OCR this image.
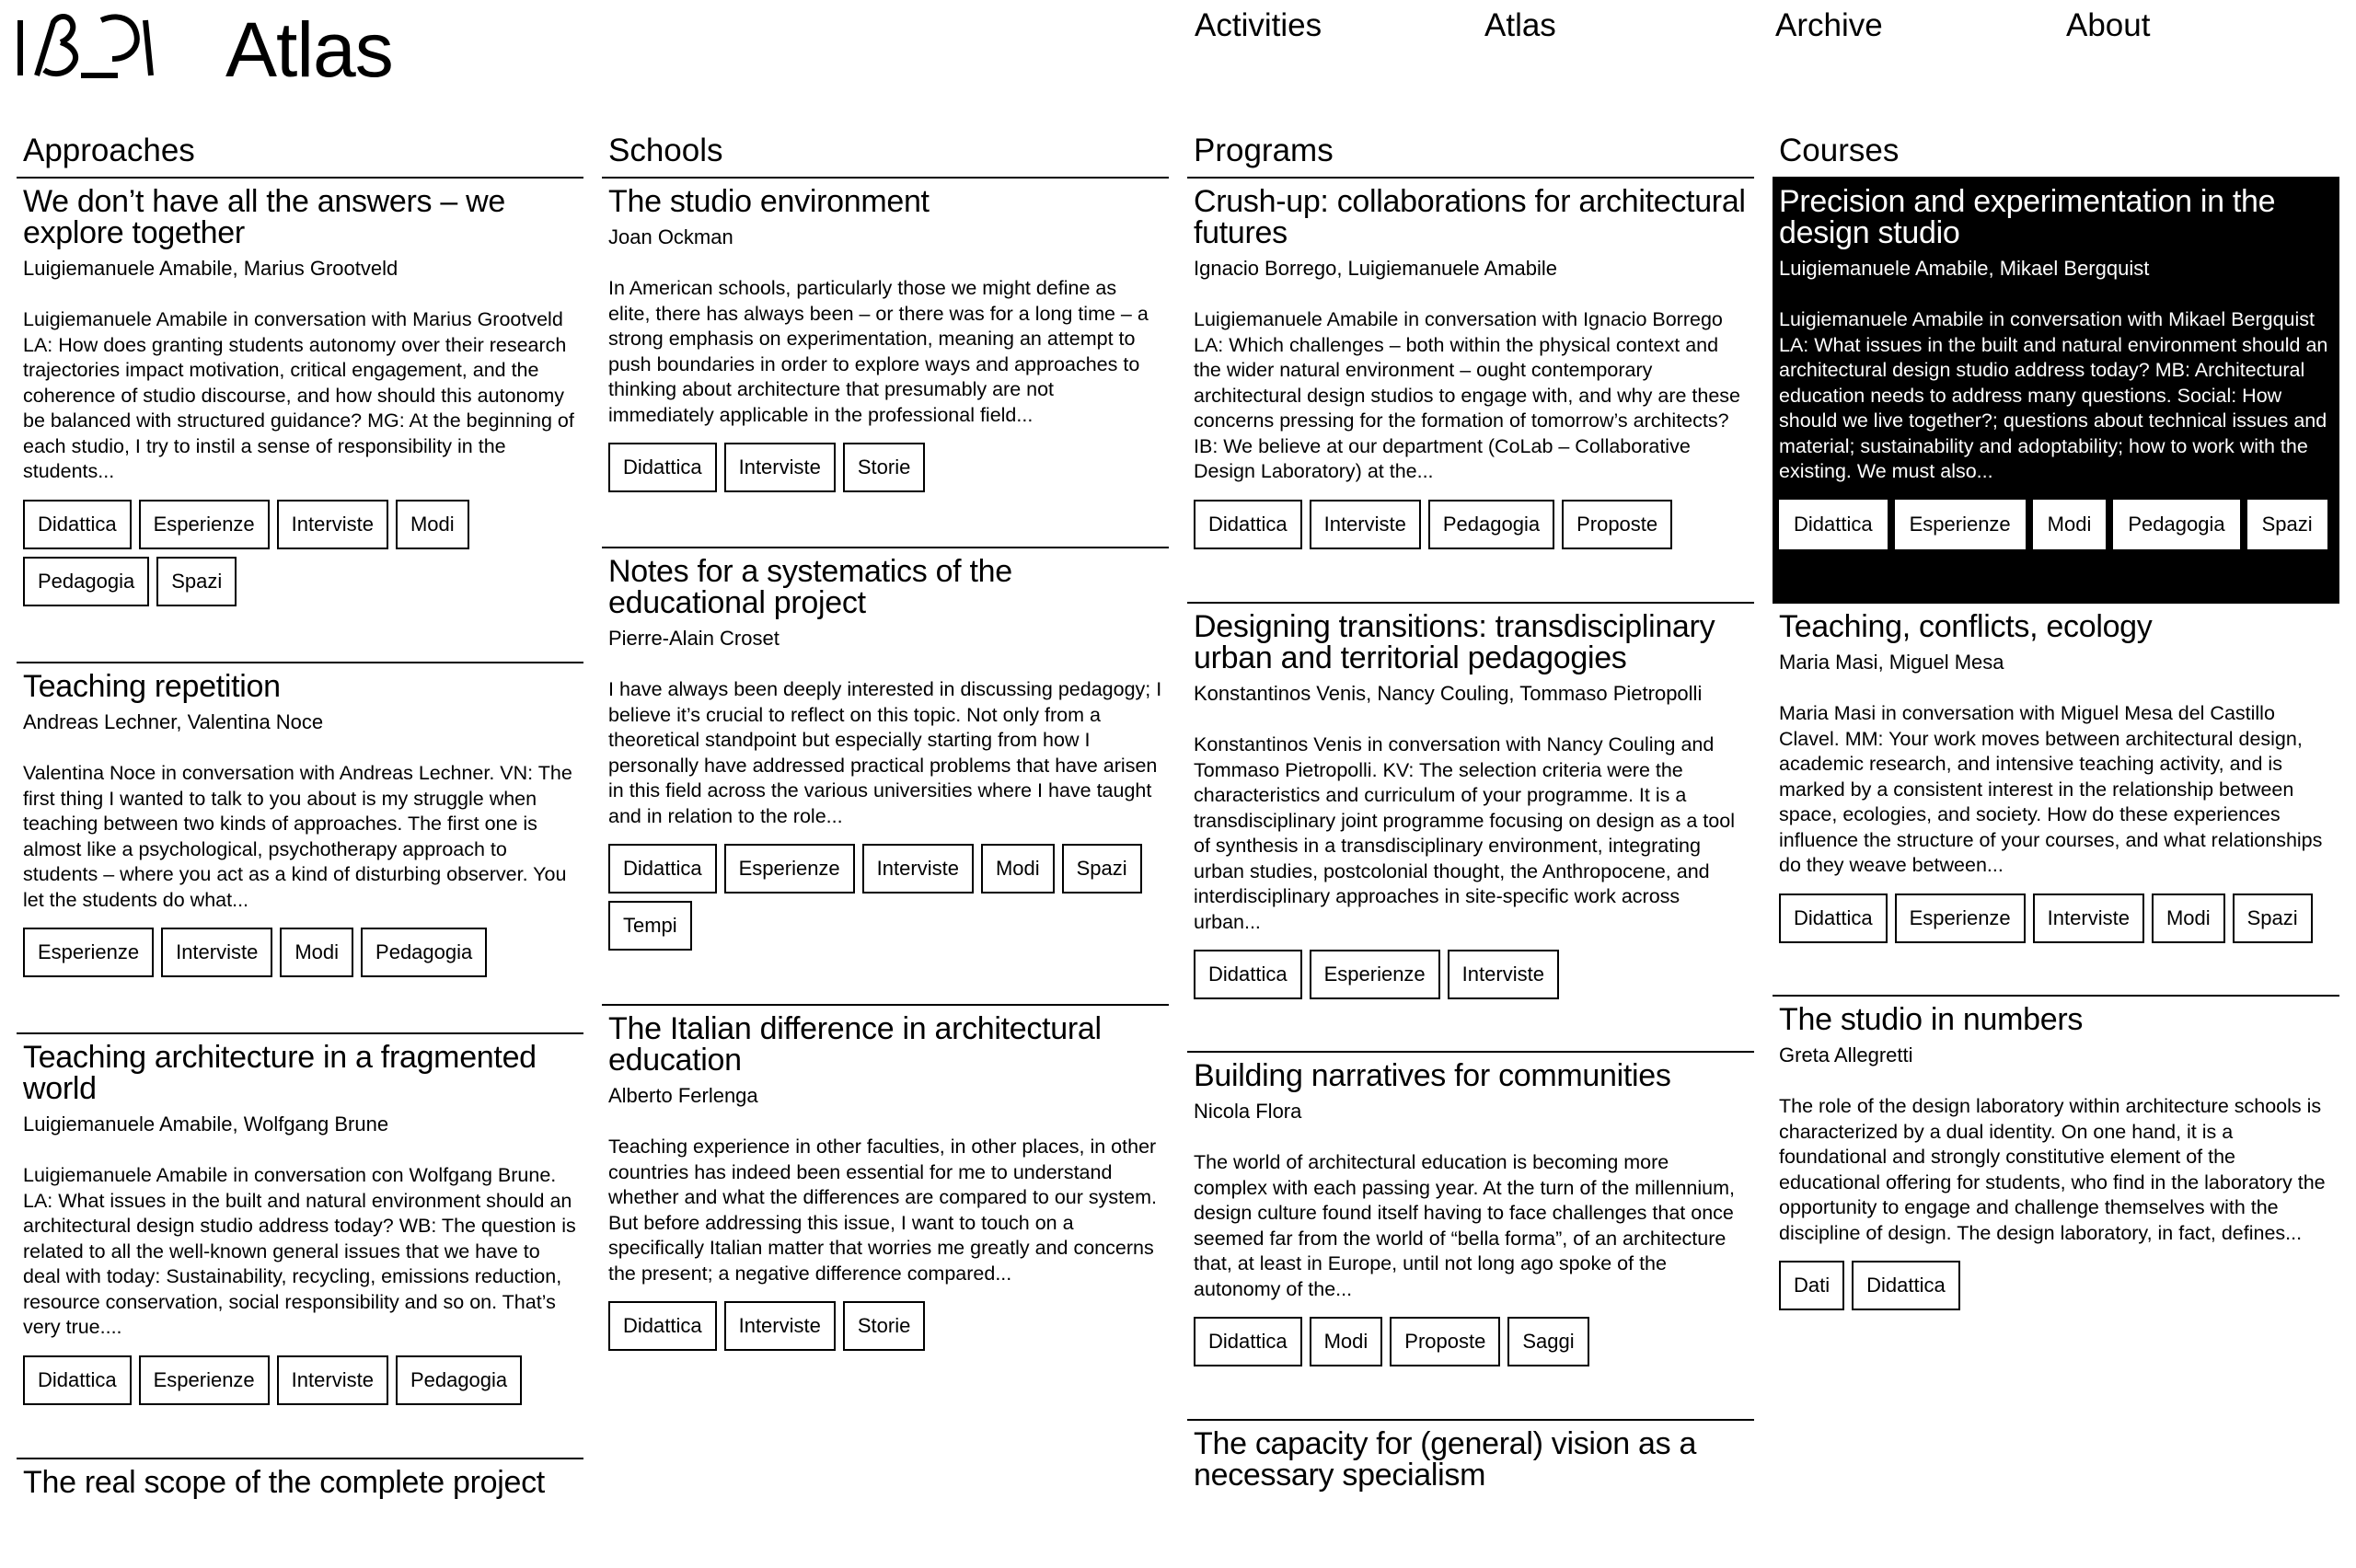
Atlas	Activities	Atlas	Archive	About
Approaches
We don’t have all the answers – we explore together

Luigiemanuele Amabile, Marius Grootveld

Luigiemanuele Amabile in conversation with Marius Grootveld LA: How does granting students autonomy over their research trajectories impact motivation, critical engagement, and the coherence of studio discourse, and how should this autonomy be balanced with structured guidance? MG: At the beginning of each studio, I try to instil a sense of responsibility in the students...

Didattica	Esperienze	Interviste	Modi
Pedagogia	Spazi
Teaching repetition

Andreas Lechner, Valentina Noce

Valentina Noce in conversation with Andreas Lechner. VN: The first thing I wanted to talk to you about is my struggle when teaching between two kinds of approaches. The first one is almost like a psychological, psychotherapy approach to students – where you act as a kind of disturbing observer. You let the students do what...

Esperienze	Interviste	Modi	Pedagogia
Teaching architecture in a fragmented world

Luigiemanuele Amabile, Wolfgang Brune

Luigiemanuele Amabile in conversation con Wolfgang Brune. LA: What issues in the built and natural environment should an architectural design studio address today? WB: The question is related to all the well-known general issues that we have to deal with today: Sustainability, recycling, emissions reduction, resource conservation, social responsibility and so on. That’s very true....

Didattica	Esperienze	Interviste	Pedagogia
The real scope of the complete project
Schools
The studio environment

Joan Ockman

In American schools, particularly those we might define as elite, there has always been – or there was for a long time – a strong emphasis on experimentation, meaning an attempt to push boundaries in order to explore ways and approaches to thinking about architecture that presumably are not immediately applicable in the professional field...

Didattica	Interviste	Storie
Notes for a systematics of the educational project

Pierre-Alain Croset

I have always been deeply interested in discussing pedagogy; I believe it’s crucial to reflect on this topic. Not only from a theoretical standpoint but especially starting from how I personally have addressed practical problems that have arisen in this field across the various universities where I have taught and in relation to the role...

Didattica	Esperienze	Interviste	Modi	Spazi
Tempi
The Italian difference in architectural education

Alberto Ferlenga

Teaching experience in other faculties, in other places, in other countries has indeed been essential for me to understand whether and what the differences are compared to our system. But before addressing this issue, I want to touch on a specifically Italian matter that worries me greatly and concerns the present; a negative difference compared...

Didattica	Interviste	Storie
Programs
Crush-up: collaborations for architectural futures

Ignacio Borrego, Luigiemanuele Amabile

Luigiemanuele Amabile in conversation with Ignacio Borrego LA: Which challenges – both within the physical context and the wider natural environment – ought contemporary architectural design studios to engage with, and why are these concerns pressing for the formation of tomorrow’s architects? IB: We believe at our department (CoLab – Collaborative Design Laboratory) at the...

Didattica	Interviste	Pedagogia	Proposte
Designing transitions: transdisciplinary urban and territorial pedagogies

Konstantinos Venis, Nancy Couling, Tommaso Pietropolli

Konstantinos Venis in conversation with Nancy Couling and Tommaso Pietropolli. KV: The selection criteria were the characteristics and curriculum of your programme. It is a transdisciplinary joint programme focusing on design as a tool of synthesis in a transdisciplinary environment, integrating urban studies, postcolonial thought, the Anthropocene, and interdisciplinary approaches in site-specific work across urban...

Didattica	Esperienze	Interviste
Building narratives for communities

Nicola Flora

The world of architectural education is becoming more complex with each passing year. At the turn of the millennium, design culture found itself having to face challenges that once seemed far from the world of “bella forma”, of an architecture that, at least in Europe, until not long ago spoke of the autonomy of the...

Didattica	Modi	Proposte	Saggi
The capacity for (general) vision as a necessary specialism
Courses
Precision and experimentation in the design studio

Luigiemanuele Amabile, Mikael Bergquist

Luigiemanuele Amabile in conversation with Mikael Bergquist LA: What issues in the built and natural environment should an architectural design studio address today? MB: Architectural education needs to address many questions. Social: How should we live together?; questions about technical issues and material; sustainability and adoptability; how to work with the existing. We must also...

Didattica	Esperienze	Modi	Pedagogia	Spazi
Teaching, conflicts, ecology

Maria Masi, Miguel Mesa

Maria Masi in conversation with Miguel Mesa del Castillo Clavel. MM: Your work moves between architectural design, academic research, and intensive teaching activity, and is marked by a consistent interest in the relationship between space, ecologies, and society. How do these experiences influence the structure of your courses, and what relationships do they weave between...

Didattica	Esperienze	Interviste	Modi	Spazi
The studio in numbers

Greta Allegretti

The role of the design laboratory within architecture schools is characterized by a dual identity. On one hand, it is a foundational and strongly constitutive element of the educational offering for students, who find in the laboratory the opportunity to engage and challenge themselves with the discipline of design. The design laboratory, in fact, defines...

Dati	Didattica
